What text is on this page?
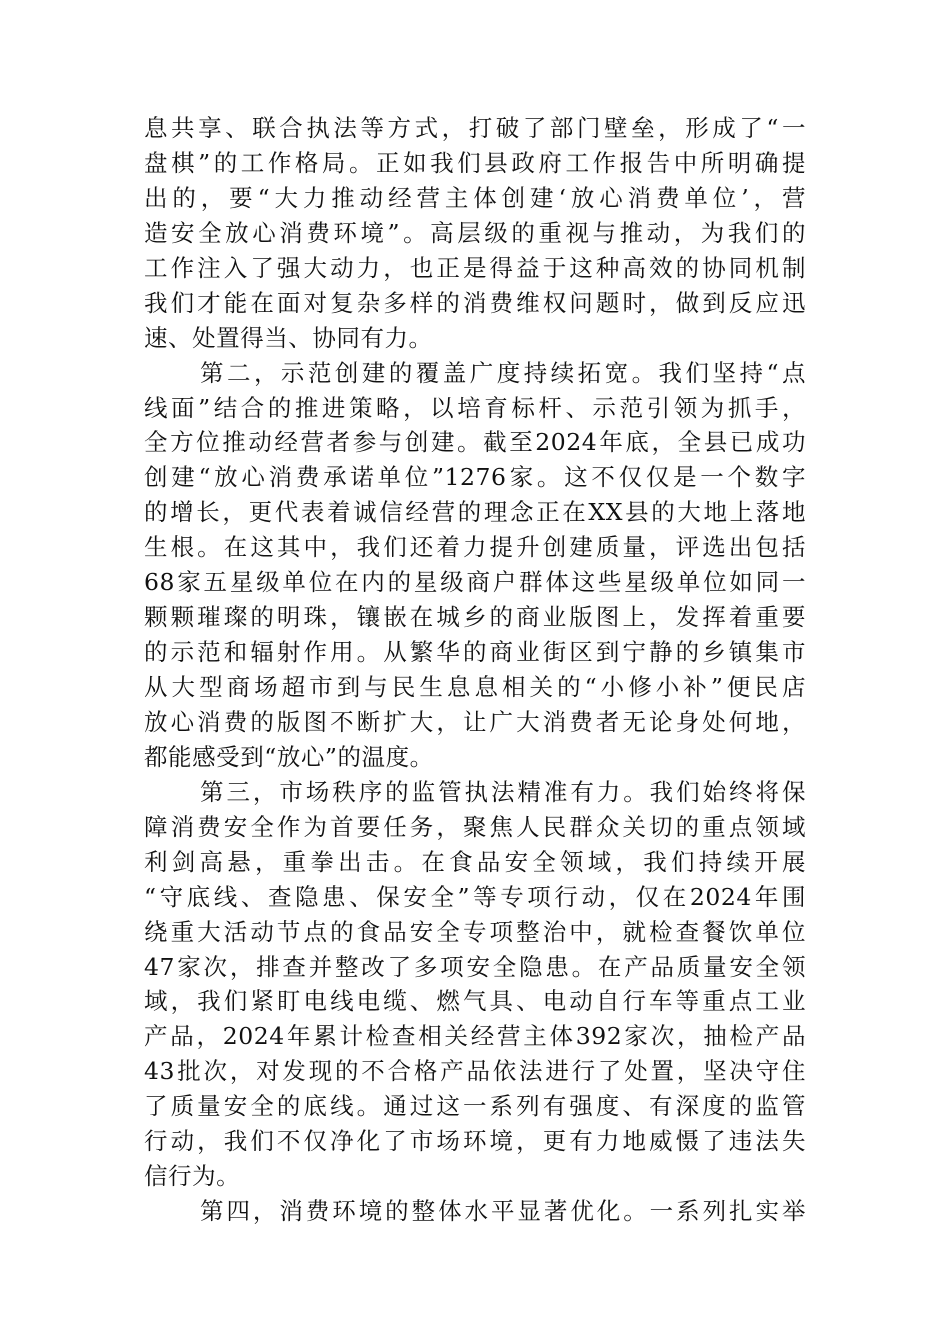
息共享、联合执法等方式，打破了部门壁垒，形成了“一
盘棋”的工作格局。正如我们县政府工作报告中所明确提
出的，要“大力推动经营主体创建‘放心消费单位’，营
造安全放心消费环境”。高层级的重视与推动，为我们的
工作注入了强大动力，也正是得益于这种高效的协同机制
我们才能在面对复杂多样的消费维权问题时，做到反应迅
速、处置得当、协同有力。
第二，示范创建的覆盖广度持续拓宽。我们坚持“点
线面”结合的推进策略，以培育标杆、示范引领为抓手，
全方位推动经营者参与创建。截至2024年底，全县已成功
创建“放心消费承诺单位”1276家。这不仅仅是一个数字
的增长，更代表着诚信经营的理念正在XX县的大地上落地
生根。在这其中，我们还着力提升创建质量，评选出包括
68家五星级单位在内的星级商户群体这些星级单位如同一
颗颗璀璨的明珠，镶嵌在城乡的商业版图上，发挥着重要
的示范和辐射作用。从繁华的商业街区到宁静的乡镇集市
从大型商场超市到与民生息息相关的“小修小补”便民店
放心消费的版图不断扩大，让广大消费者无论身处何地，
都能感受到“放心”的温度。
第三，市场秩序的监管执法精准有力。我们始终将保
障消费安全作为首要任务，聚焦人民群众关切的重点领域
利剑高悬，重拳出击。在食品安全领域，我们持续开展
“守底线、查隐患、保安全”等专项行动，仅在2024年围
绕重大活动节点的食品安全专项整治中，就检查餐饮单位
47家次，排查并整改了多项安全隐患。在产品质量安全领
域，我们紧盯电线电缆、燃气具、电动自行车等重点工业
产品，2024年累计检查相关经营主体392家次，抽检产品
43批次，对发现的不合格产品依法进行了处置，坚决守住
了质量安全的底线。通过这一系列有强度、有深度的监管
行动，我们不仅净化了市场环境，更有力地威慑了违法失
信行为。
第四，消费环境的整体水平显著优化。一系列扎实举
